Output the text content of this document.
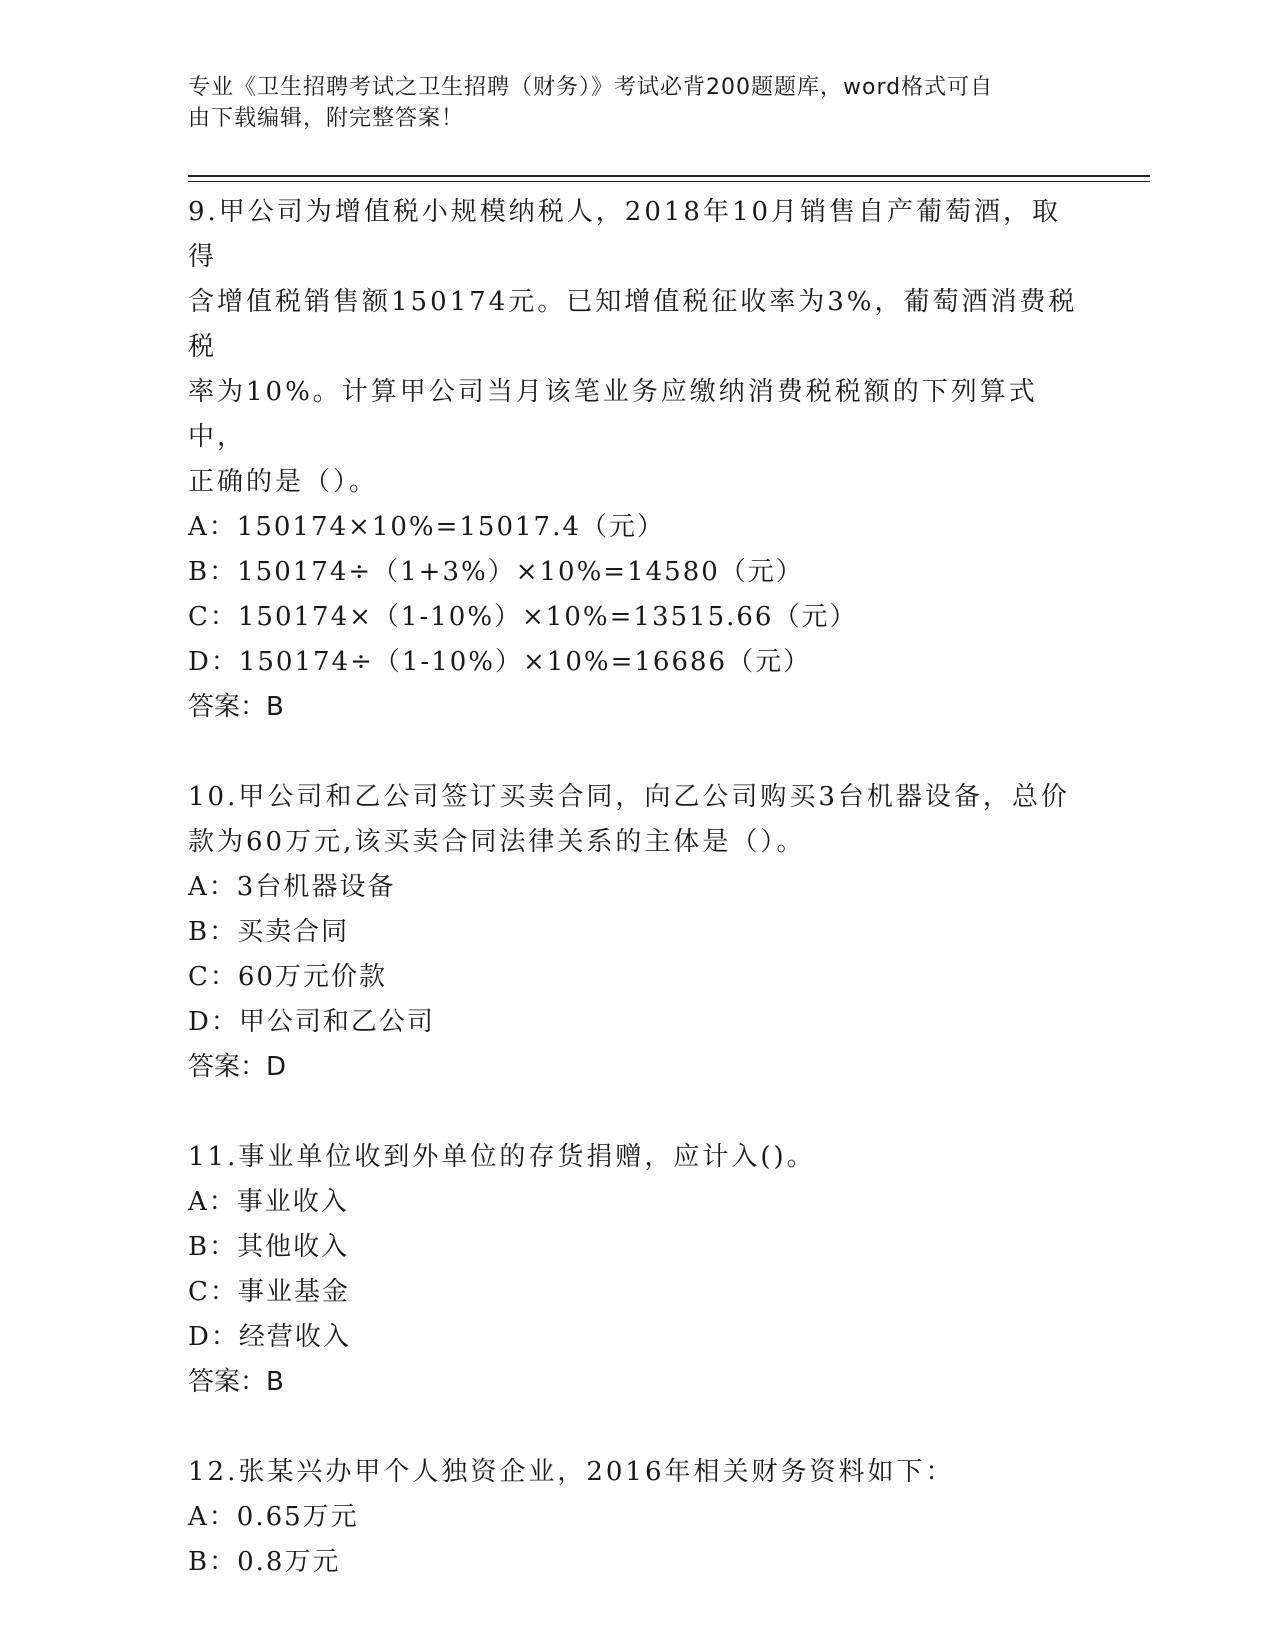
专业《卫生招聘考试之卫生招聘（财务）》考试必背200题题库，word格式可自
由下载编辑，附完整答案！

9.甲公司为增值税小规模纳税人，2018年10月销售自产葡萄酒，取得

含增值税销售额150174元。已知增值税征收率为3%，葡萄酒消费税税

率为10%。计算甲公司当月该笔业务应缴纳消费税税额的下列算式中，

正确的是（）。

A：150174×10%=15017.4（元）

B：150174÷（1+3%）×10%=14580（元）

C：150174×（1-10%）×10%=13515.66（元）

D：150174÷（1-10%）×10%=16686（元）

答案：B

10.甲公司和乙公司签订买卖合同，向乙公司购买3台机器设备，总价

款为60万元,该买卖合同法律关系的主体是（）。

A：3台机器设备

B：买卖合同

C：60万元价款

D：甲公司和乙公司

答案：D

11.事业单位收到外单位的存货捐赠，应计入()。

A：事业收入

B：其他收入

C：事业基金

D：经营收入

答案：B

12.张某兴办甲个人独资企业，2016年相关财务资料如下：

A：0.65万元

B：0.8万元
